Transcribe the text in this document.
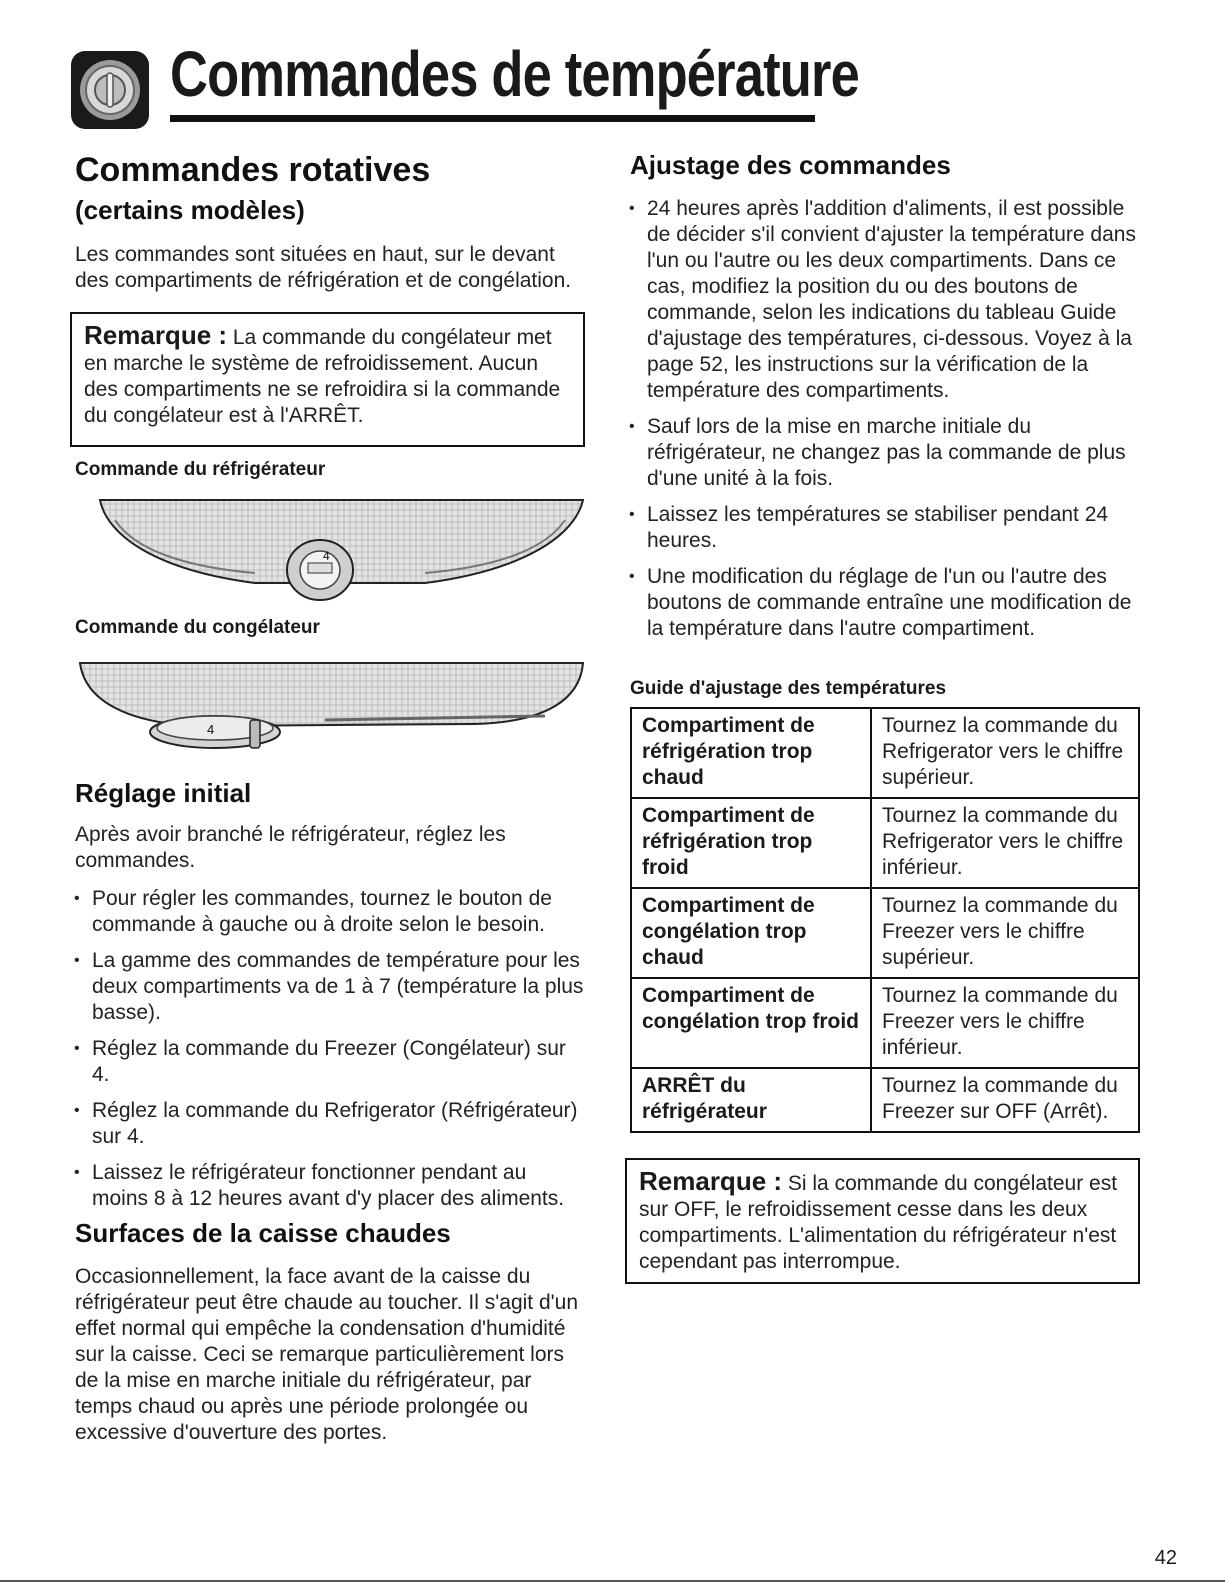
Commandes de température
Commandes rotatives
(certains modèles)

Les commandes sont situées en haut, sur le devant des compartiments de réfrigération et de congélation.

Remarque : La commande du congélateur met en marche le système de refroidissement. Aucun des compartiments ne se refroidira si la commande du congélateur est à l'ARRÊT.

Commande du réfrigérateur

4

Commande du congélateur

4
Réglage initial

Après avoir branché le réfrigérateur, réglez les commandes.

• Pour régler les commandes, tournez le bouton de commande à gauche ou à droite selon le besoin.
• La gamme des commandes de température pour les deux compartiments va de 1 à 7 (température la plus basse).
• Réglez la commande du Freezer (Congélateur) sur 4.
• Réglez la commande du Refrigerator (Réfrigérateur) sur 4.
• Laissez le réfrigérateur fonctionner pendant au moins 8 à 12 heures avant d'y placer des aliments.
Surfaces de la caisse chaudes

Occasionnellement, la face avant de la caisse du réfrigérateur peut être chaude au toucher. Il s'agit d'un effet normal qui empêche la condensation d'humidité sur la caisse. Ceci se remarque particulièrement lors de la mise en marche initiale du réfrigérateur, par temps chaud ou après une période prolongée ou excessive d'ouverture des portes.

Ajustage des commandes
• 24 heures après l'addition d'aliments, il est possible de décider s'il convient d'ajuster la température dans l'un ou l'autre ou les deux compartiments. Dans ce cas, modifiez la position du ou des boutons de commande, selon les indications du tableau Guide d'ajustage des températures, ci-dessous. Voyez à la page 52, les instructions sur la vérification de la température des compartiments.
• Sauf lors de la mise en marche initiale du réfrigérateur, ne changez pas la commande de plus d'une unité à la fois.
• Laissez les températures se stabiliser pendant 24 heures.
• Une modification du réglage de l'un ou l'autre des boutons de commande entraîne une modification de la température dans l'autre compartiment.

Guide d'ajustage des températures

Compartiment de réfrigération trop chaud	Tournez la commande du Refrigerator vers le chiffre supérieur.
Compartiment de réfrigération trop froid	Tournez la commande du Refrigerator vers le chiffre inférieur.
Compartiment de congélation trop chaud	Tournez la commande du Freezer vers le chiffre supérieur.
Compartiment de congélation trop froid	Tournez la commande du Freezer vers le chiffre inférieur.
ARRÊT du réfrigérateur	Tournez la commande du Freezer sur OFF (Arrêt).
Remarque : Si la commande du congélateur est sur OFF, le refroidissement cesse dans les deux compartiments. L'alimentation du réfrigérateur n'est cependant pas interrompue.
42
